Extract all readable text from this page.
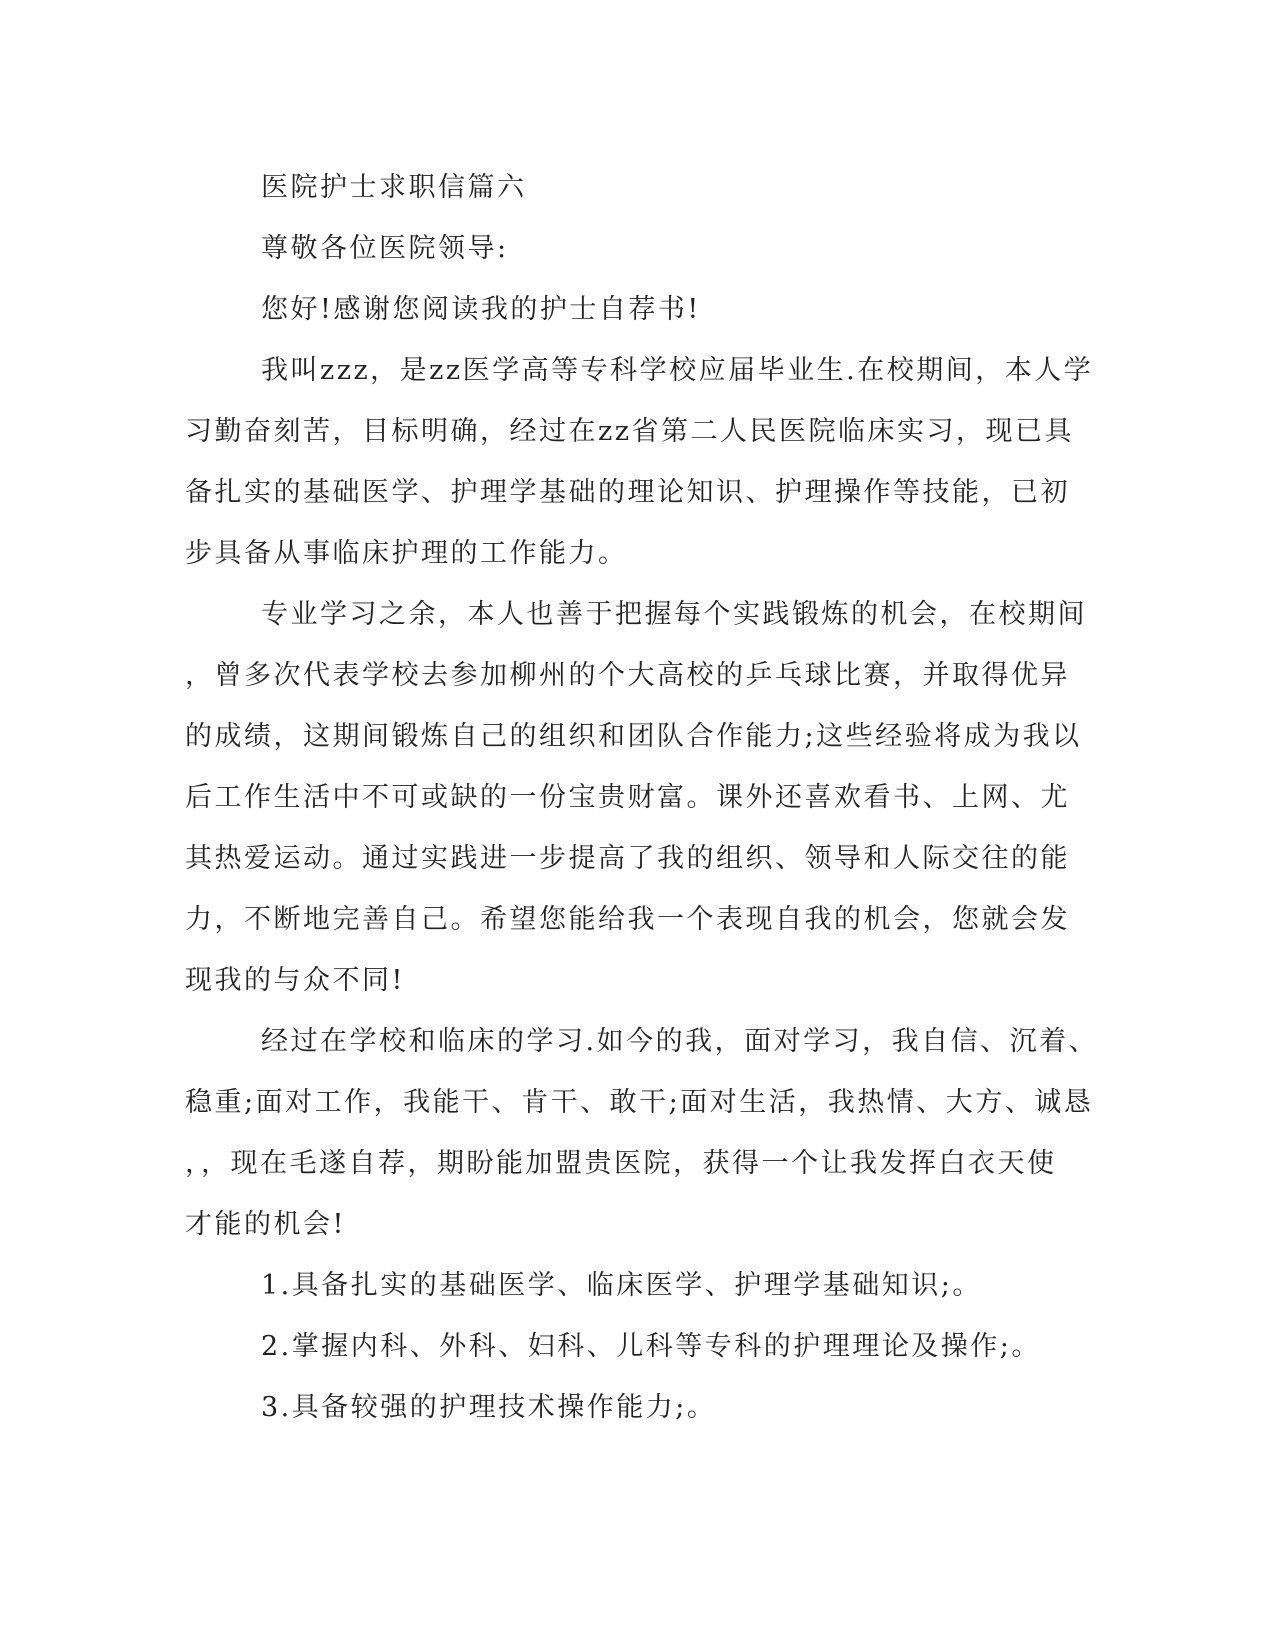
医院护士求职信篇六
尊敬各位医院领导:
您好!感谢您阅读我的护士自荐书!
我叫zzz，是zz医学高等专科学校应届毕业生.在校期间，本人学
习勤奋刻苦，目标明确，经过在zz省第二人民医院临床实习，现已具
备扎实的基础医学、护理学基础的理论知识、护理操作等技能，已初
步具备从事临床护理的工作能力。
专业学习之余，本人也善于把握每个实践锻炼的机会，在校期间
，曾多次代表学校去参加柳州的个大高校的乒乓球比赛，并取得优异
的成绩，这期间锻炼自己的组织和团队合作能力;这些经验将成为我以
后工作生活中不可或缺的一份宝贵财富。课外还喜欢看书、上网、尤
其热爱运动。通过实践进一步提高了我的组织、领导和人际交往的能
力，不断地完善自己。希望您能给我一个表现自我的机会，您就会发
现我的与众不同!
经过在学校和临床的学习.如今的我，面对学习，我自信、沉着、
稳重;面对工作，我能干、肯干、敢干;面对生活，我热情、大方、诚恳
，，现在毛遂自荐，期盼能加盟贵医院，获得一个让我发挥白衣天使
才能的机会!
1.具备扎实的基础医学、临床医学、护理学基础知识;。
2.掌握内科、外科、妇科、儿科等专科的护理理论及操作;。
3.具备较强的护理技术操作能力;。
